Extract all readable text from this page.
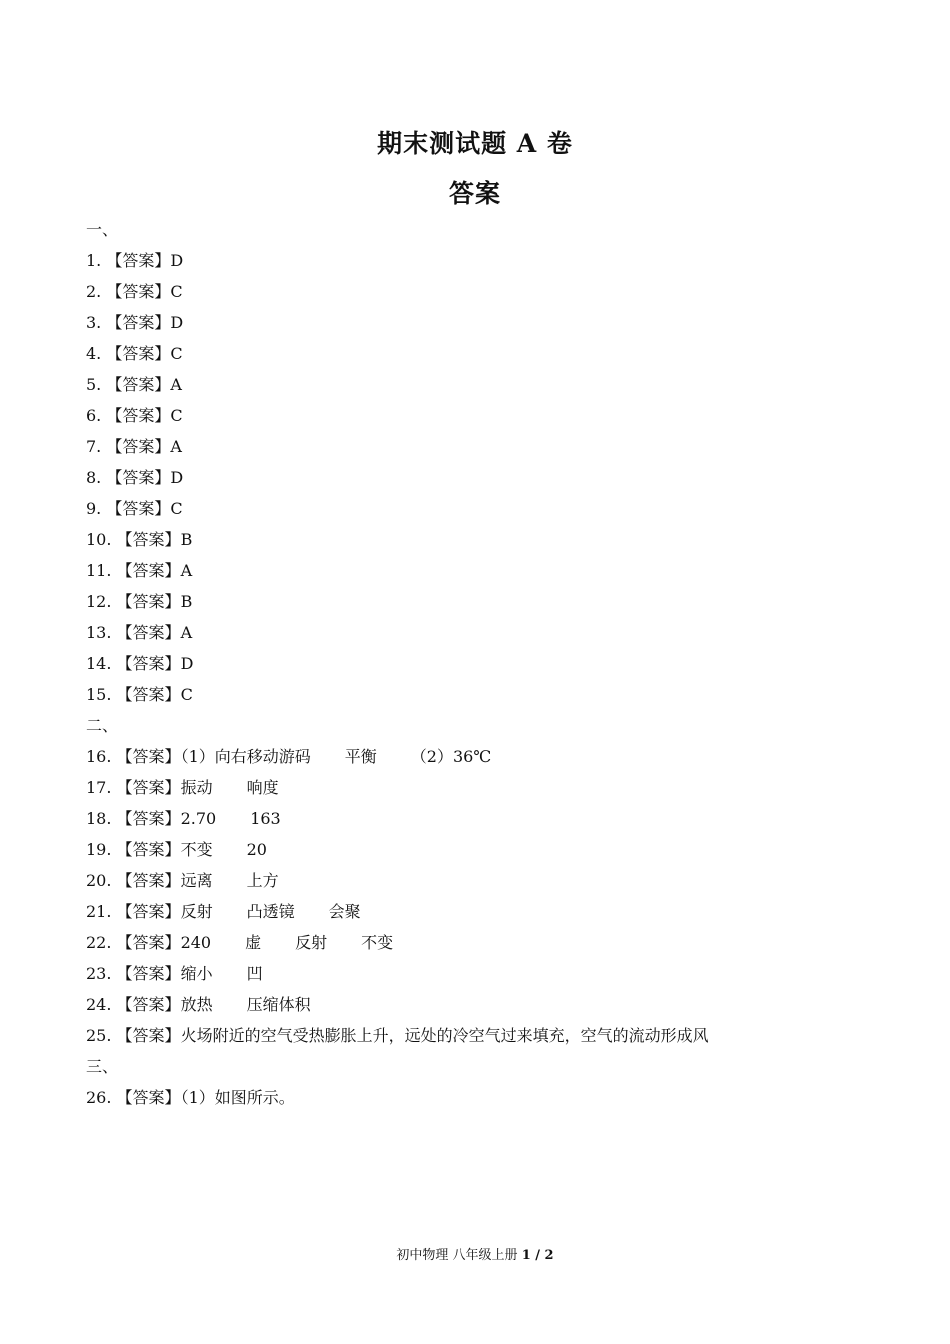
期末测试题 A 卷
答案
一、
1. 【答案】D
2. 【答案】C
3. 【答案】D
4. 【答案】C
5. 【答案】A
6. 【答案】C
7. 【答案】A
8. 【答案】D
9. 【答案】C
10. 【答案】B
11. 【答案】A
12. 【答案】B
13. 【答案】A
14. 【答案】D
15. 【答案】C
二、
16. 【答案】（1）向右移动游码 平衡 （2）36℃
17. 【答案】振动 响度
18. 【答案】2.70 163
19. 【答案】不变 20
20. 【答案】远离 上方
21. 【答案】反射 凸透镜 会聚
22. 【答案】240 虚 反射 不变
23. 【答案】缩小 凹
24. 【答案】放热 压缩体积
25. 【答案】火场附近的空气受热膨胀上升，远处的冷空气过来填充，空气的流动形成风
三、
26. 【答案】（1）如图所示。
初中物理 八年级上册 1 / 2
